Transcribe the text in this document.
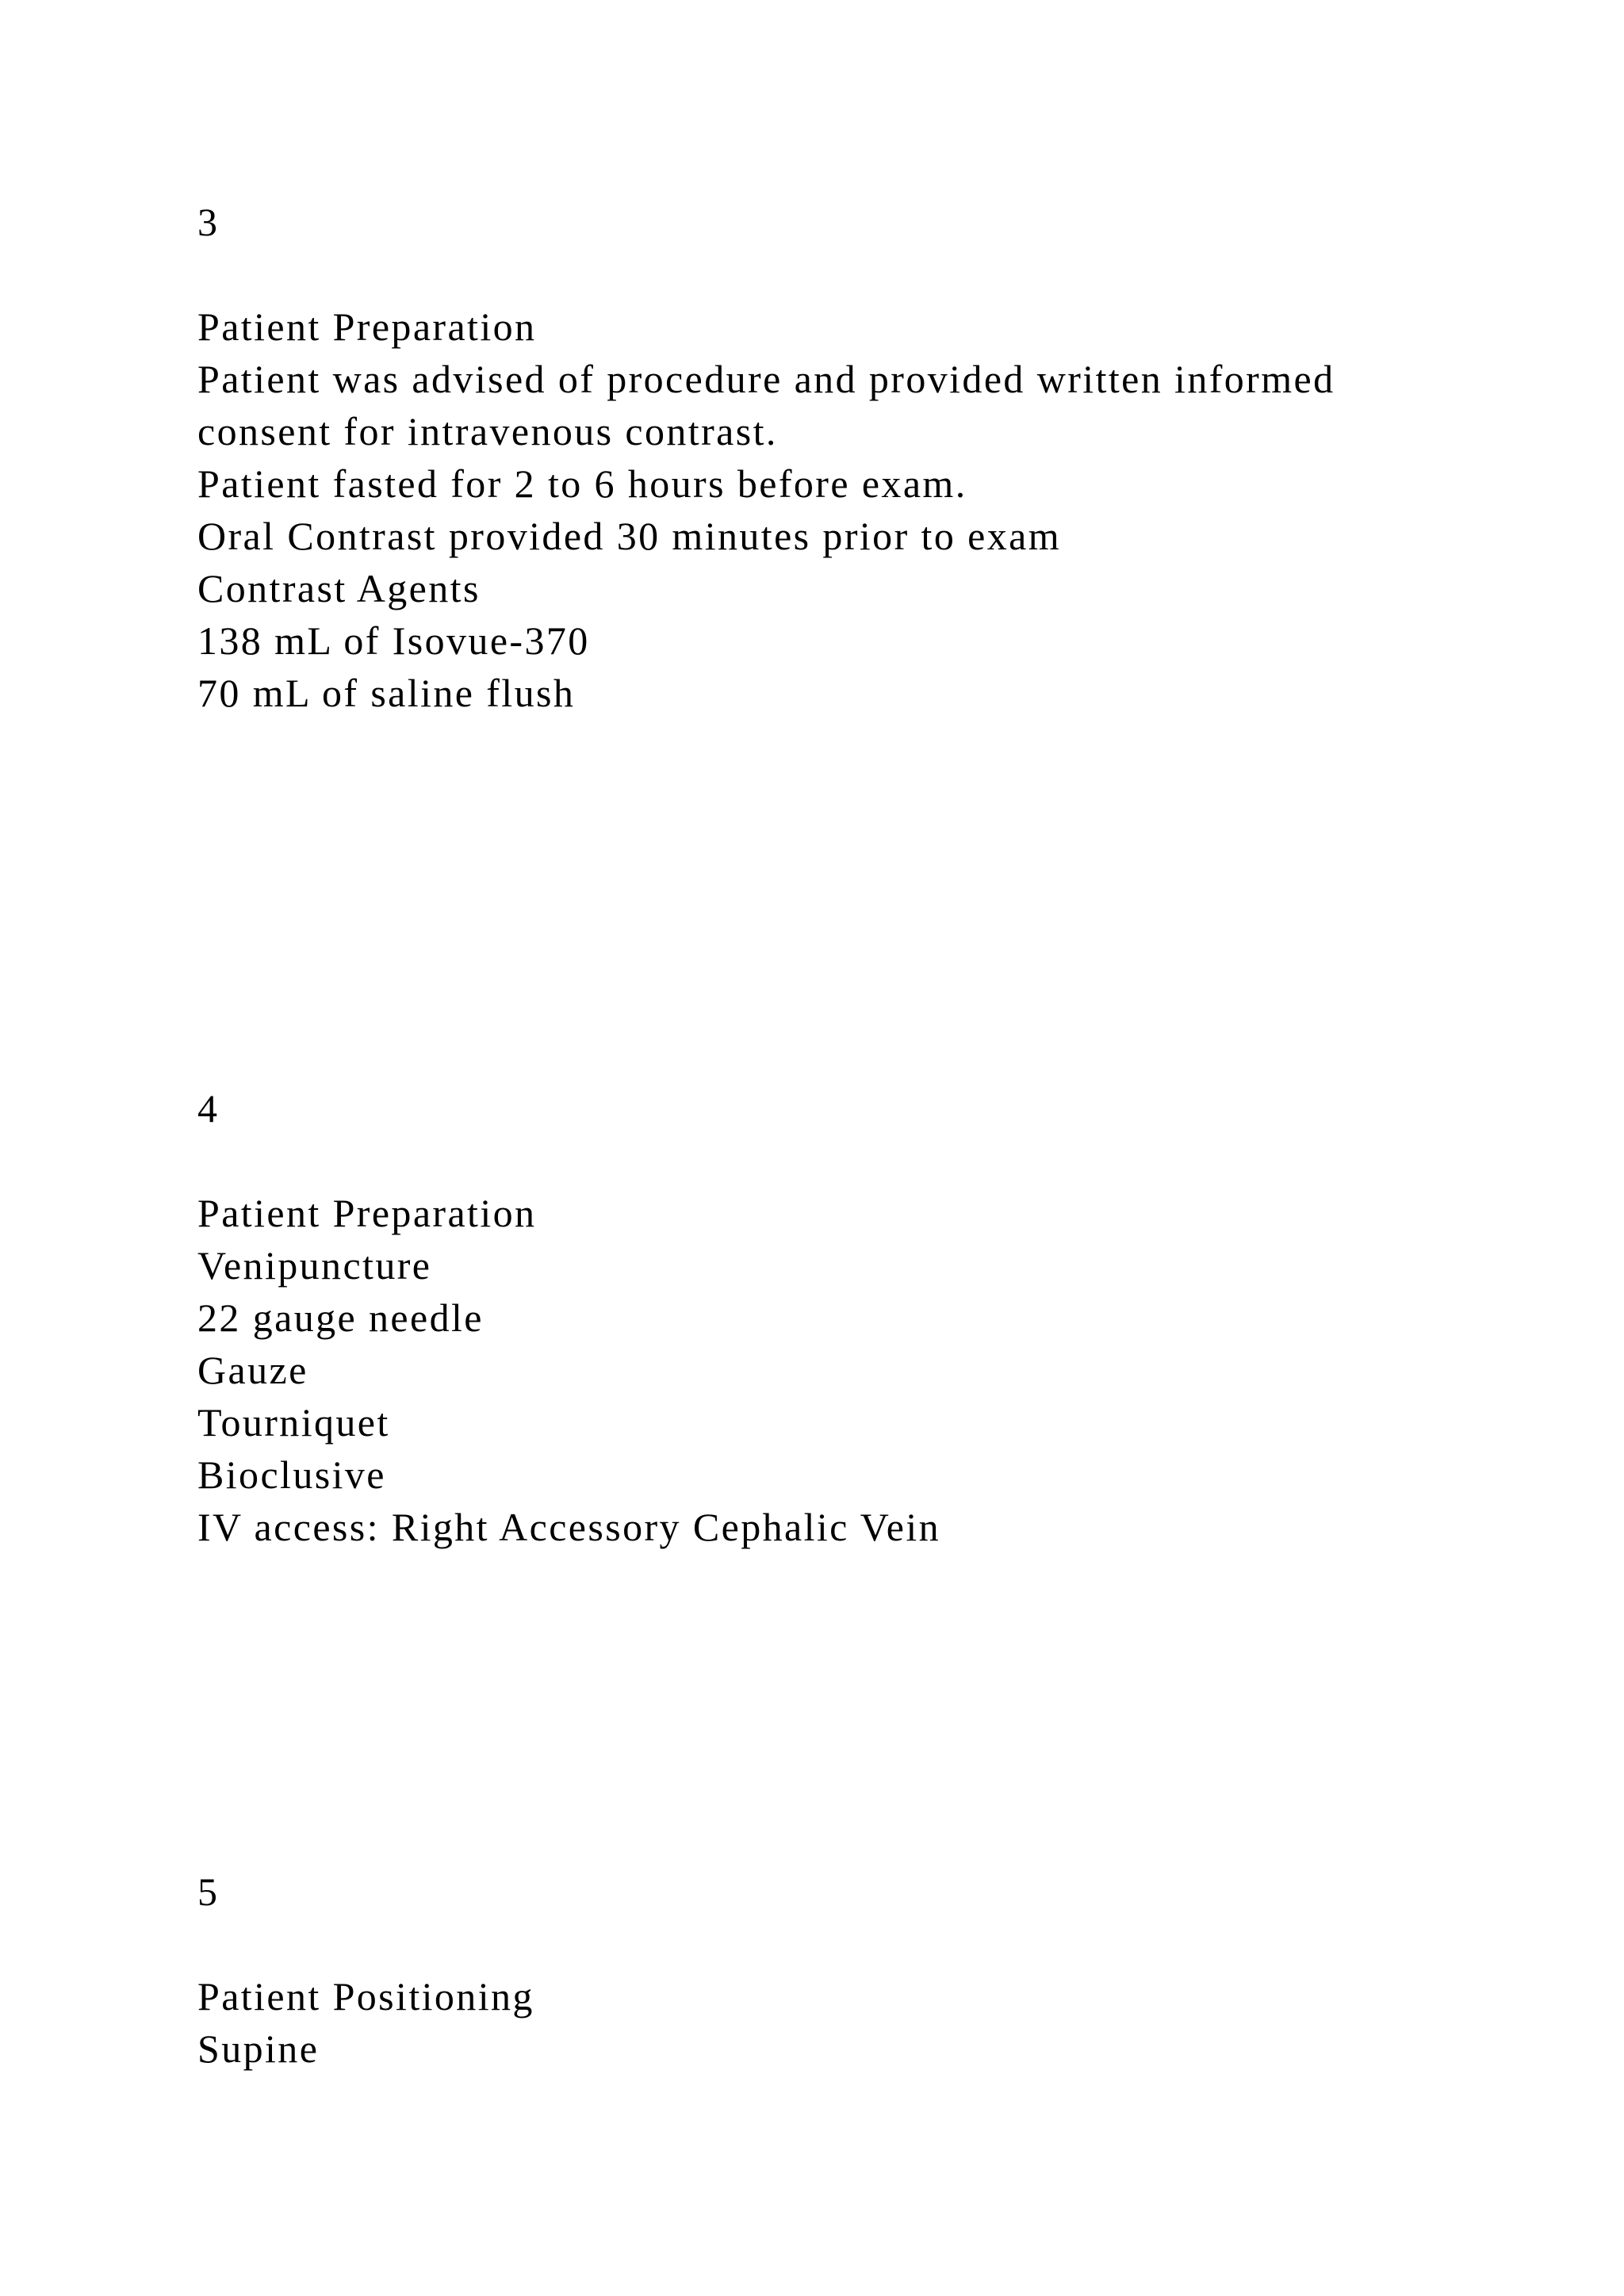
3
Patient Preparation
Patient was advised of procedure and provided written informed
consent for intravenous contrast.
Patient fasted for 2 to 6 hours before exam.
Oral Contrast provided 30 minutes prior to exam
Contrast Agents
138 mL of Isovue-370
70 mL of saline flush
4
Patient Preparation
Venipuncture
22 gauge needle
Gauze
Tourniquet
Bioclusive
IV access: Right Accessory Cephalic Vein
5
Patient Positioning
Supine
